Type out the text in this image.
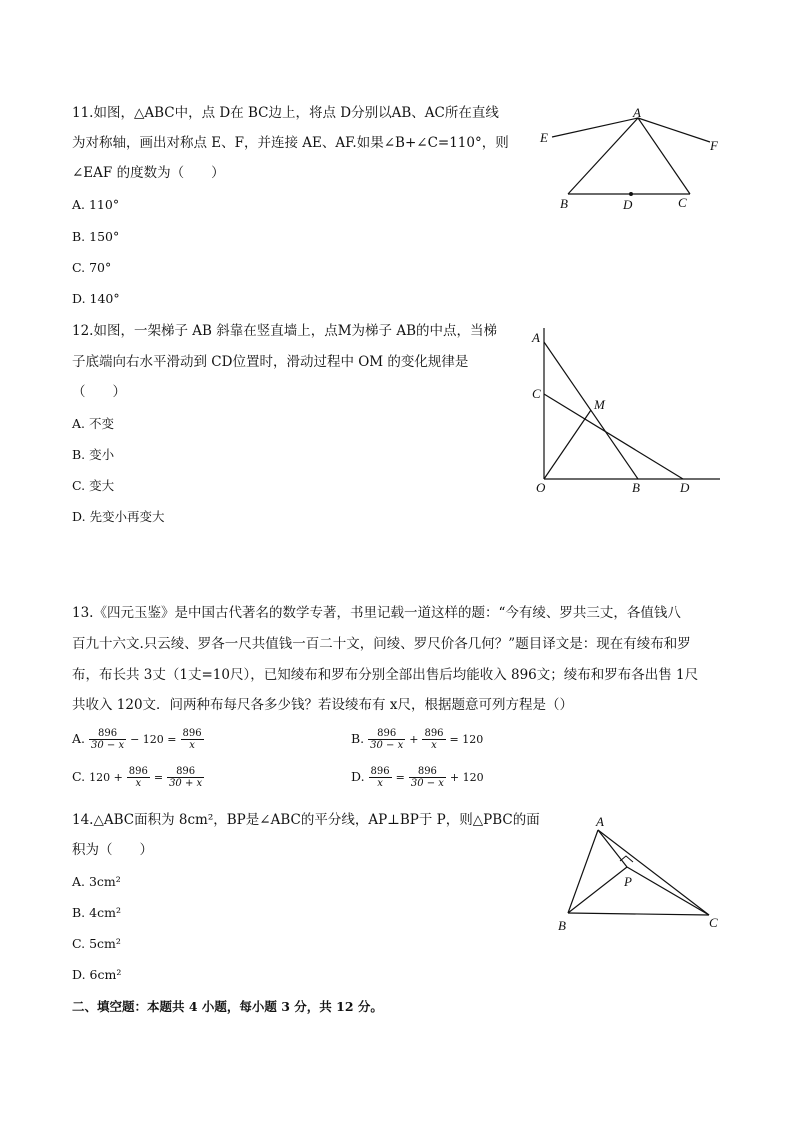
11.如图，△ABC中，点 D在 BC边上，将点 D分别以AB、AC所在直线
为对称轴，画出对称点 E、F，并连接 AE、AF.如果∠B+∠C=110°，则
∠EAF 的度数为（　　）
A. 110°
B. 150°
C. 70°
D. 140°
A
E
F
B	D	C
12.如图，一架梯子 AB 斜靠在竖直墙上，点M为梯子 AB的中点，当梯
子底端向右水平滑动到 CD位置时，滑动过程中 OM 的变化规律是
（　　）
A. 不变
B. 变小
C. 变大
D. 先变小再变大
A
C
M
O	B	D
13.《四元玉鉴》是中国古代著名的数学专著，书里记载一道这样的题：“今有绫、罗共三丈，各值钱八
百九十六文.只云绫、罗各一尺共值钱一百二十文，问绫、罗尺价各几何？”题目译文是：现在有绫布和罗
布，布长共 3丈（1丈=10尺），已知绫布和罗布分别全部出售后均能收入 896文；绫布和罗布各出售 1尺
共收入 120文．问两种布每尺各多少钱？若设绫布有 x尺，根据题意可列方程是（）
A. $\frac{896}{30 - x} - 120 = \frac{896}{x}$	B. $\frac{896}{30 - x} + \frac{896}{x} = 120$
C. $120 + \frac{896}{x} = \frac{896}{30 + x}$	D. $\frac{896}{x} = \frac{896}{30 - x} + 120$
14.△ABC面积为 8cm²，BP是∠ABC的平分线，AP⊥BP于 P，则△PBC的面
积为（　　）
A. 3cm²
B. 4cm²
C. 5cm²
D. 6cm²
A
P
B	C
二、填空题：本题共 4 小题，每小题 3 分，共 12 分。
